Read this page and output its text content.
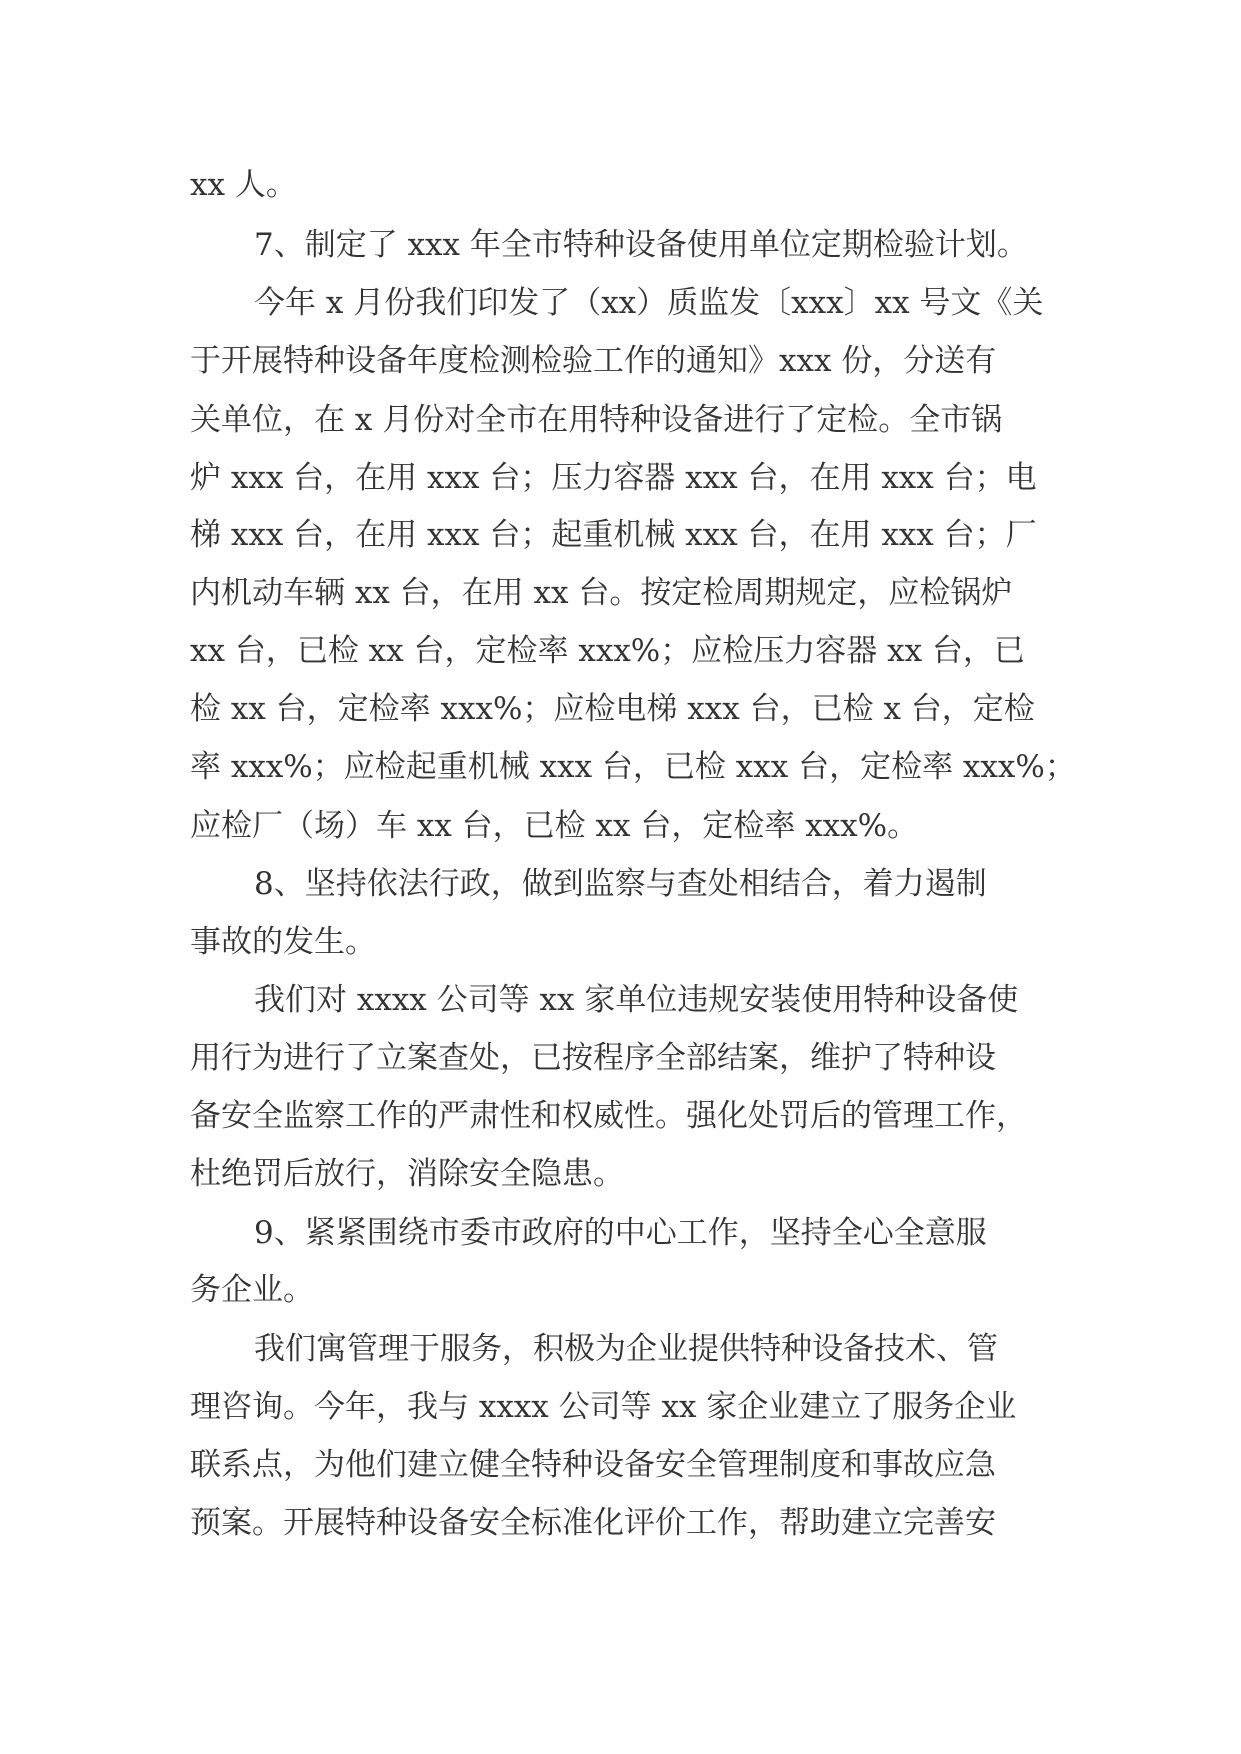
xx 人。
7、制定了 xxx 年全市特种设备使用单位定期检验计划。
今年 x 月份我们印发了（xx）质监发〔xxx〕xx 号文《关
于开展特种设备年度检测检验工作的通知》xxx 份，分送有
关单位，在 x 月份对全市在用特种设备进行了定检。全市锅
炉 xxx 台，在用 xxx 台；压力容器 xxx 台，在用 xxx 台；电
梯 xxx 台，在用 xxx 台；起重机械 xxx 台，在用 xxx 台；厂
内机动车辆 xx 台，在用 xx 台。按定检周期规定，应检锅炉
xx 台，已检 xx 台，定检率 xxx%；应检压力容器 xx 台，已
检 xx 台，定检率 xxx%；应检电梯 xxx 台，已检 x 台，定检
率 xxx%；应检起重机械 xxx 台，已检 xxx 台，定检率 xxx%；
应检厂（场）车 xx 台，已检 xx 台，定检率 xxx%。
8、坚持依法行政，做到监察与查处相结合，着力遏制
事故的发生。
我们对 xxxx 公司等 xx 家单位违规安装使用特种设备使
用行为进行了立案查处，已按程序全部结案，维护了特种设
备安全监察工作的严肃性和权威性。强化处罚后的管理工作，
杜绝罚后放行，消除安全隐患。
9、紧紧围绕市委市政府的中心工作，坚持全心全意服
务企业。
我们寓管理于服务，积极为企业提供特种设备技术、管
理咨询。今年，我与 xxxx 公司等 xx 家企业建立了服务企业
联系点，为他们建立健全特种设备安全管理制度和事故应急
预案。开展特种设备安全标准化评价工作，帮助建立完善安
